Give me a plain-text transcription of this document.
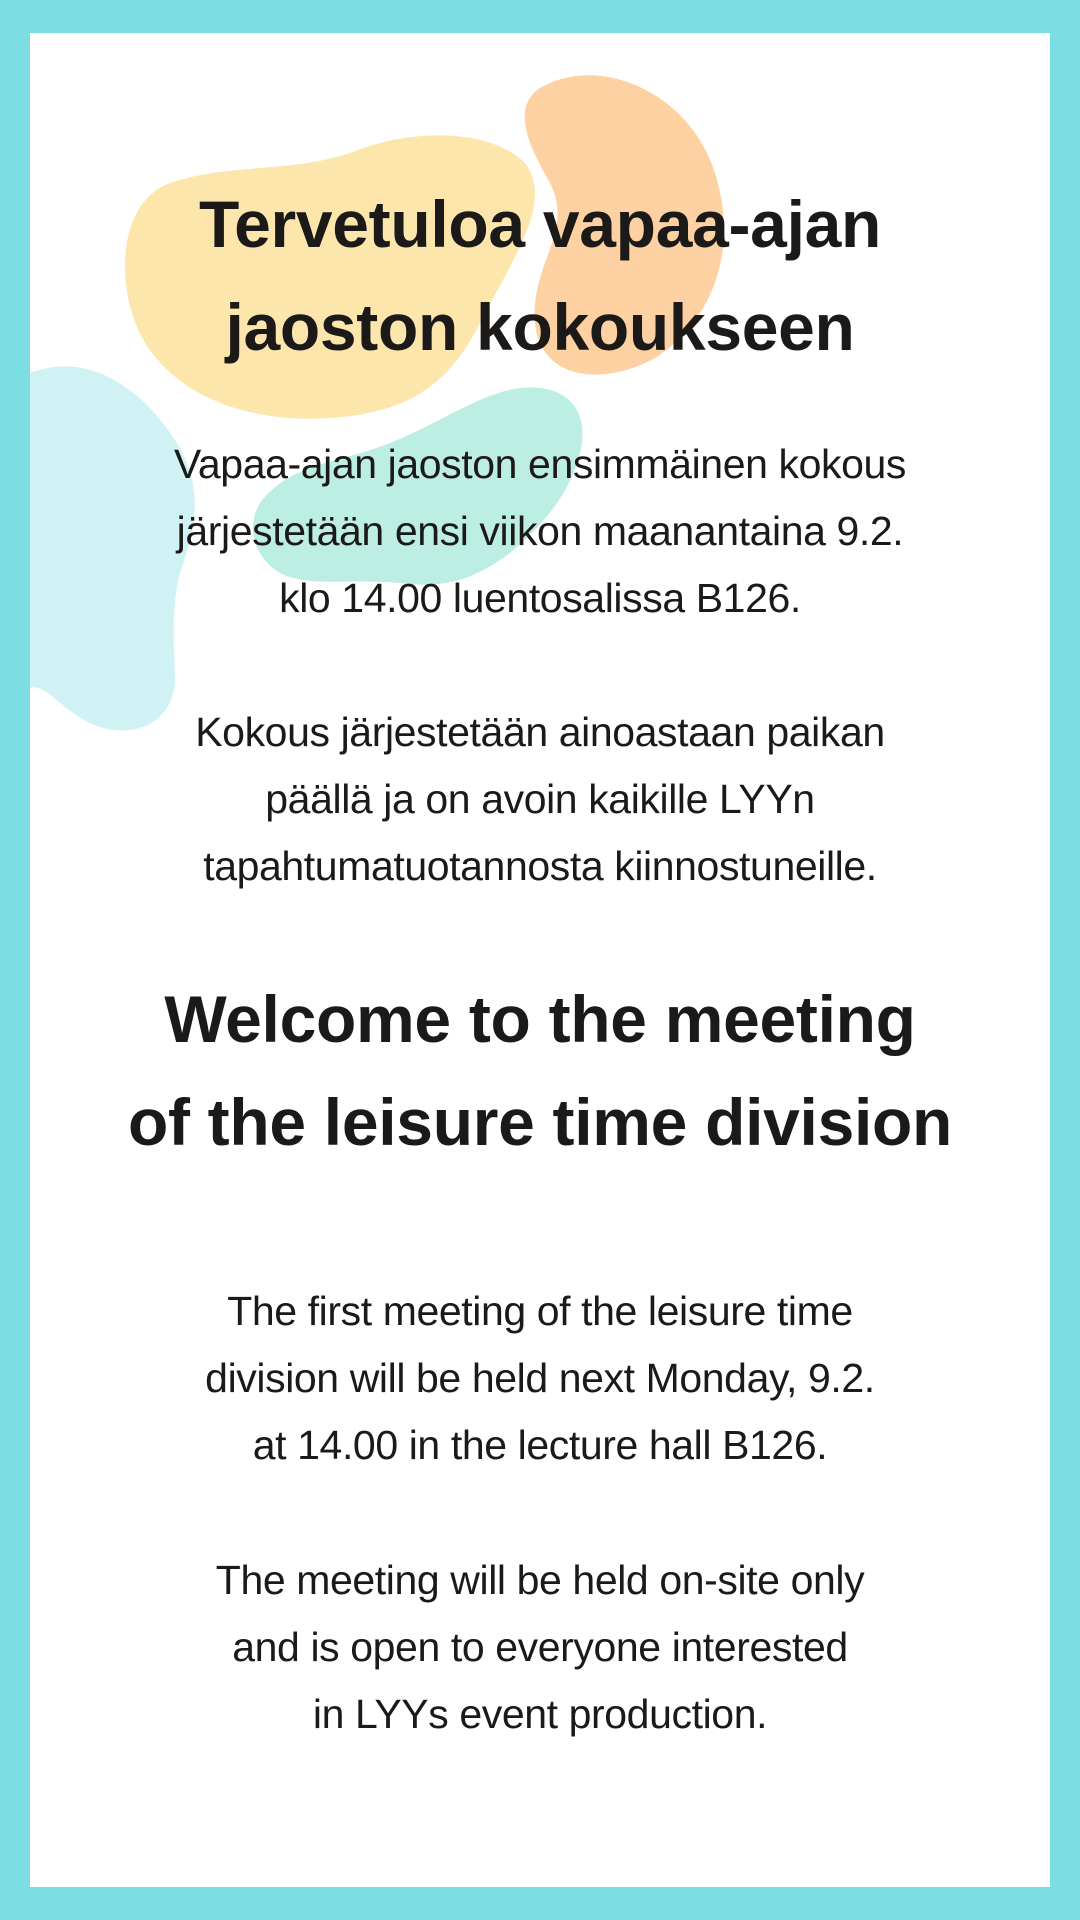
Tervetuloa vapaa-ajan
jaoston kokoukseen

Vapaa-ajan jaoston ensimmäinen kokous
järjestetään ensi viikon maanantaina 9.2.
klo 14.00 luentosalissa B126.

Kokous järjestetään ainoastaan paikan
päällä ja on avoin kaikille LYYn
tapahtumatuotannosta kiinnostuneille.

Welcome to the meeting
of the leisure time division

The first meeting of the leisure time
division will be held next Monday, 9.2.
at 14.00 in the lecture hall B126.

The meeting will be held on-site only
and is open to everyone interested
in LYYs event production.
